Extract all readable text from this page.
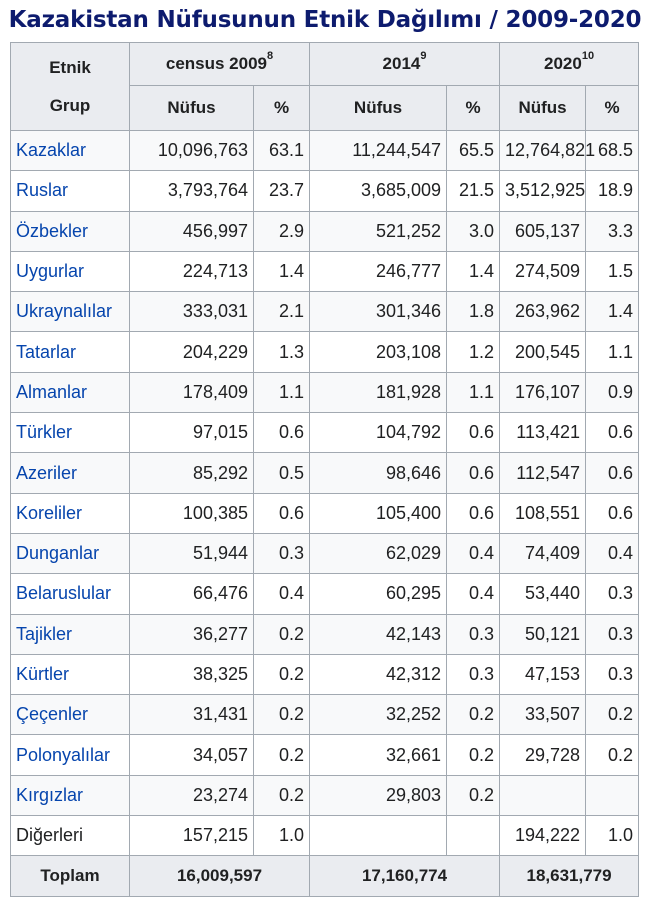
Kazakistan Nüfusunun Etnik Dağılımı / 2009-2020
Etnik
Grup	census 2009$^8$		2014$^9$		2020$^{10}$
	Nüfus	%	Nüfus	%	Nüfus	%
Kazaklar	10,096,763	63.1	11,244,547	65.5	12,764,821	68.5
Ruslar	3,793,764	23.7	3,685,009	21.5	3,512,925	18.9
Özbekler	456,997	2.9	521,252	3.0	605,137	3.3
Uygurlar	224,713	1.4	246,777	1.4	274,509	1.5
Ukraynalılar	333,031	2.1	301,346	1.8	263,962	1.4
Tatarlar	204,229	1.3	203,108	1.2	200,545	1.1
Almanlar	178,409	1.1	181,928	1.1	176,107	0.9
Türkler	97,015	0.6	104,792	0.6	113,421	0.6
Azeriler	85,292	0.5	98,646	0.6	112,547	0.6
Koreliler	100,385	0.6	105,400	0.6	108,551	0.6
Dunganlar	51,944	0.3	62,029	0.4	74,409	0.4
Belaruslular	66,476	0.4	60,295	0.4	53,440	0.3
Tajikler	36,277	0.2	42,143	0.3	50,121	0.3
Kürtler	38,325	0.2	42,312	0.3	47,153	0.3
Çeçenler	31,431	0.2	32,252	0.2	33,507	0.2
Polonyalılar	34,057	0.2	32,661	0.2	29,728	0.2
Kırgızlar	23,274	0.2	29,803	0.2		
Diğerleri	157,215	1.0			194,222	1.0
Toplam	16,009,597		17,160,774		18,631,779	
